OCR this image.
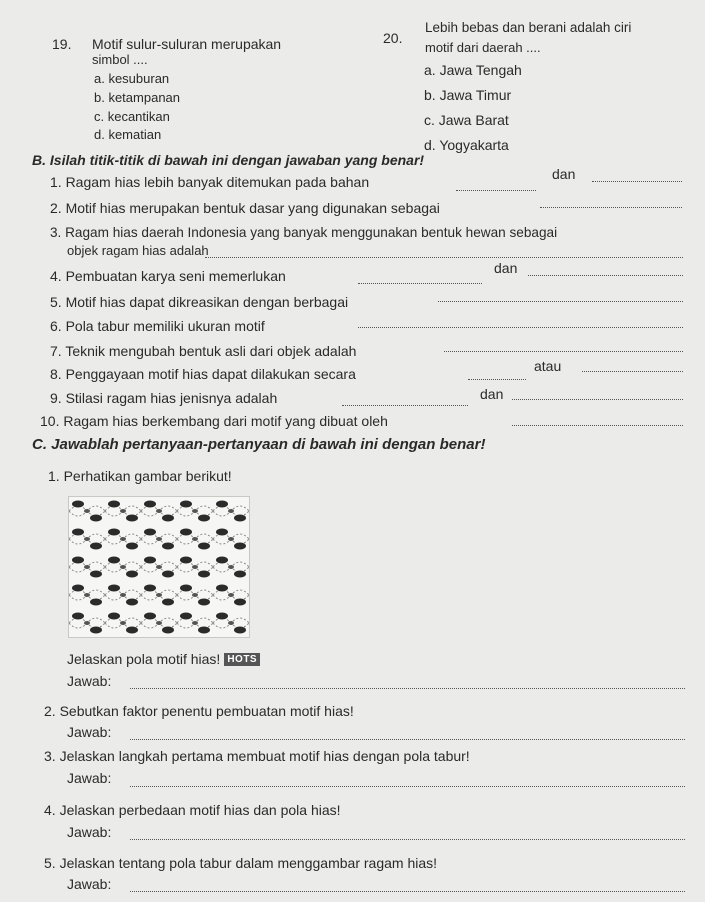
19. Motif sulur-suluran merupakan
simbol ....
a. kesuburan
b. ketampanan
c. kecantikan
d. kematian
20.
Lebih bebas dan berani adalah ciri
motif dari daerah ....
a. Jawa Tengah
b. Jawa Timur
c. Jawa Barat
d. Yogyakarta
B. Isilah titik-titik di bawah ini dengan jawaban yang benar!
1. Ragam hias lebih banyak ditemukan pada bahan	dan
2. Motif hias merupakan bentuk dasar yang digunakan sebagai
3. Ragam hias daerah Indonesia yang banyak menggunakan bentuk hewan sebagai
objek ragam hias adalah
4. Pembuatan karya seni memerlukan	dan
5. Motif hias dapat dikreasikan dengan berbagai
6. Pola tabur memiliki ukuran motif
7. Teknik mengubah bentuk asli dari objek adalah
8. Penggayaan motif hias dapat dilakukan secara	atau
9. Stilasi ragam hias jenisnya adalah	dan
10. Ragam hias berkembang dari motif yang dibuat oleh
C. Jawablah pertanyaan-pertanyaan di bawah ini dengan benar!
1. Perhatikan gambar berikut!
Jelaskan pola motif hias! HOTS
Jawab:
2. Sebutkan faktor penentu pembuatan motif hias!
Jawab:
3. Jelaskan langkah pertama membuat motif hias dengan pola tabur!
Jawab:
4. Jelaskan perbedaan motif hias dan pola hias!
Jawab:
5. Jelaskan tentang pola tabur dalam menggambar ragam hias!
Jawab:
